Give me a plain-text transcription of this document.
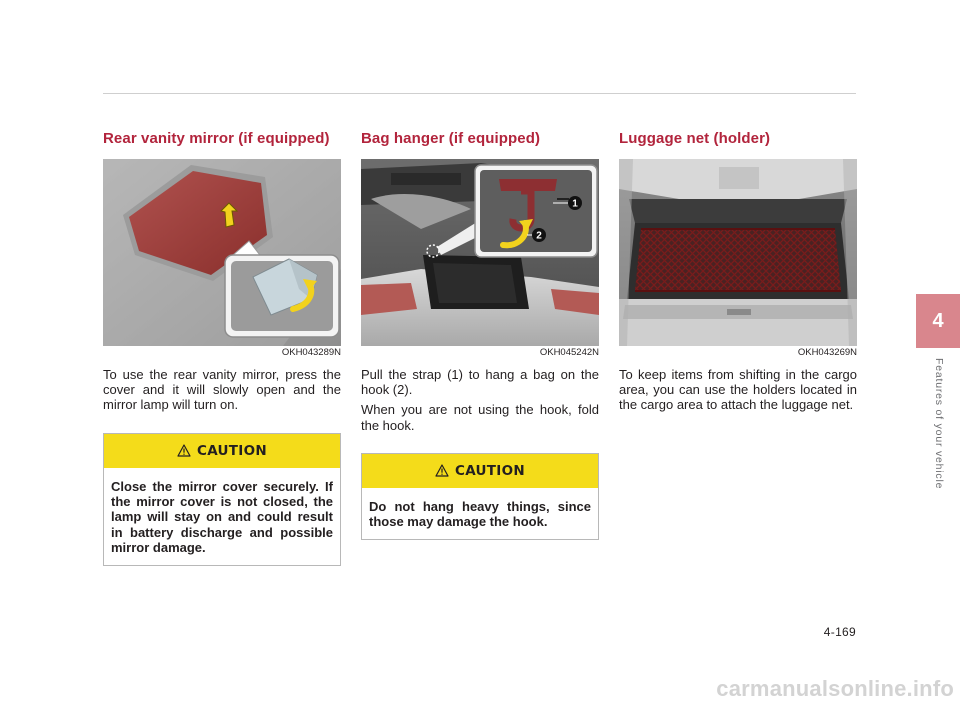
Rear vanity mirror (if equipped)
OKH043289N

To use the rear vanity mirror, press the cover and it will slowly open and the mirror lamp will turn on.

CAUTION
Close the mirror cover securely. If the mirror cover is not closed, the lamp will stay on and could result in battery discharge and possible mirror damage.
Bag hanger (if equipped)
1
2
OKH045242N

Pull the strap (1) to hang a bag on the hook (2).

When you are not using the hook, fold the hook.

CAUTION
Do not hang heavy things, since those may damage the hook.
Luggage net (holder)
OKH043269N

To keep items from shifting in the cargo area, you can use the holders located in the cargo area to attach the luggage net.

4
Features of your vehicle
4-169
carmanualsonline.info
